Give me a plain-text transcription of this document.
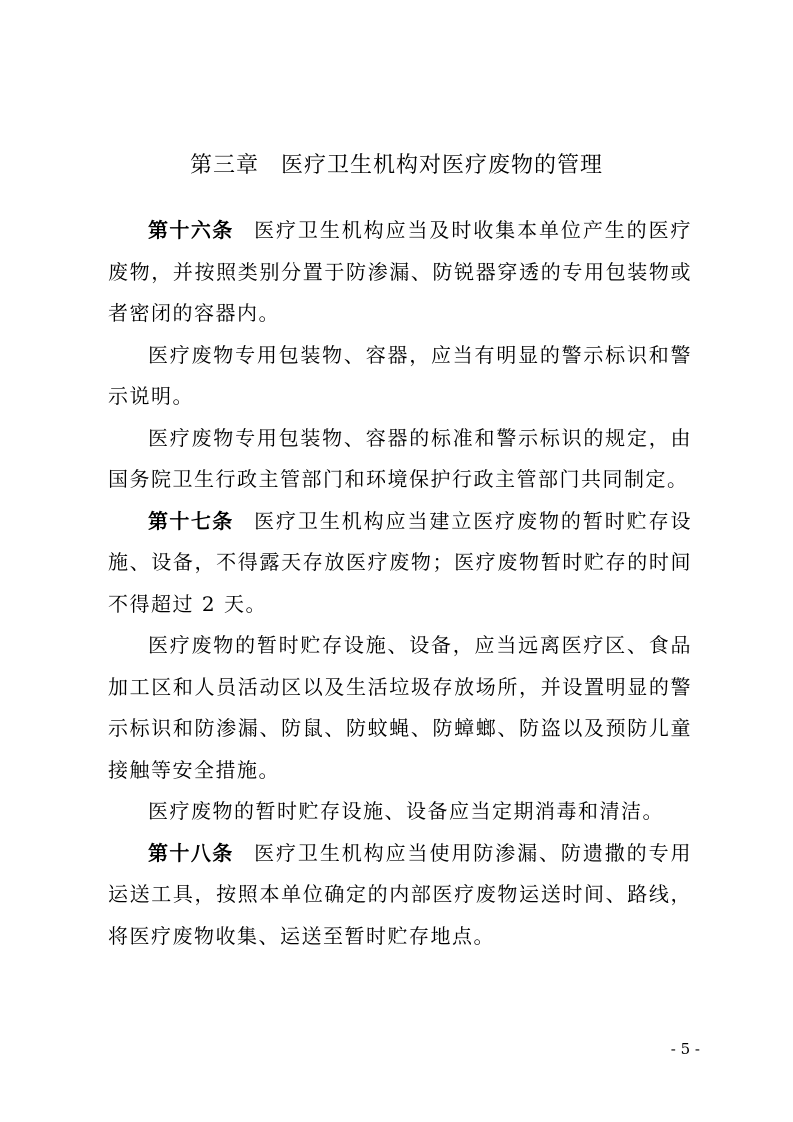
第三章 医疗卫生机构对医疗废物的管理

第十六条 医疗卫生机构应当及时收集本单位产生的医疗废物，并按照类别分置于防渗漏、防锐器穿透的专用包装物或者密闭的容器内。

医疗废物专用包装物、容器，应当有明显的警示标识和警示说明。

医疗废物专用包装物、容器的标准和警示标识的规定，由国务院卫生行政主管部门和环境保护行政主管部门共同制定。

第十七条 医疗卫生机构应当建立医疗废物的暂时贮存设施、设备，不得露天存放医疗废物；医疗废物暂时贮存的时间不得超过 2 天。

医疗废物的暂时贮存设施、设备，应当远离医疗区、食品加工区和人员活动区以及生活垃圾存放场所，并设置明显的警示标识和防渗漏、防鼠、防蚊蝇、防蟑螂、防盗以及预防儿童接触等安全措施。

医疗废物的暂时贮存设施、设备应当定期消毒和清洁。

第十八条 医疗卫生机构应当使用防渗漏、防遗撒的专用运送工具，按照本单位确定的内部医疗废物运送时间、路线，将医疗废物收集、运送至暂时贮存地点。

- 5 -
